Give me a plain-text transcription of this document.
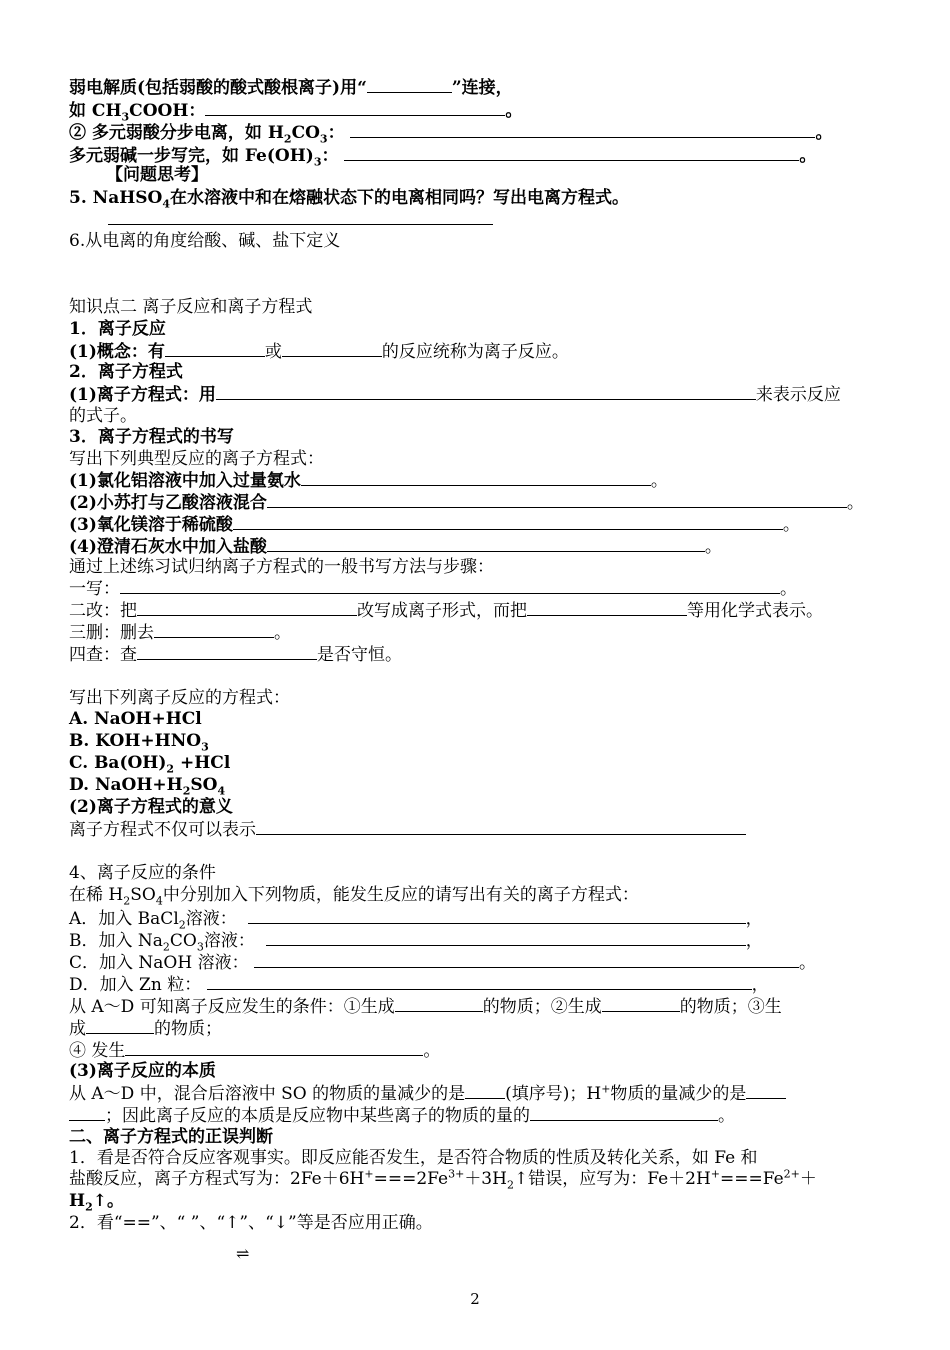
弱电解质(包括弱酸的酸式酸根离子)用“	”连接，
如 $CH_3COOH$：	。
② 多元弱酸分步电离，如 $H_2CO_3$：	。
多元弱碱一步写完，如 $Fe(OH)_3$：	。
【问题思考】
5. NaHSO$_4$在水溶液中和在熔融状态下的电离相同吗？写出电离方程式。
6.从电离的角度给酸、碱、盐下定义
知识点二 离子反应和离子方程式
1．离子反应
(1)概念：有	或	的反应统称为离子反应。
2．离子方程式
(1)离子方程式：用	来表示反应
的式子。
3．离子方程式的书写
写出下列典型反应的离子方程式：
(1)氯化铝溶液中加入过量氨水	。
(2)小苏打与乙酸溶液混合	。
(3)氧化镁溶于稀硫酸	。
(4)澄清石灰水中加入盐酸	。
通过上述练习试归纳离子方程式的一般书写方法与步骤：
一写：	。
二改：把	改写成离子形式，而把	等用化学式表示。
三删：删去	。
四查：查	是否守恒。
写出下列离子反应的方程式：
A. NaOH+HCl
B. $KOH+HNO_3$
C. $Ba(OH)_2 +HCl$
D. $NaOH+H_2SO_4$
(2)离子方程式的意义
离子方程式不仅可以表示
4、离子反应的条件
在稀 $H_2SO_4$中分别加入下列物质，能发生反应的请写出有关的离子方程式：
A．加入 BaCl$_2$溶液：	，
B．加入 $Na_2CO_3$溶液：	，
C．加入 NaOH 溶液：	。
D．加入 Zn 粒：	，
从 A～D 可知离子反应发生的条件：①生成	的物质；②生成	的物质；③生
成	的物质；
④ 发生	。
(3)离子反应的本质
从 A～D 中，混合后溶液中 SO 的物质的量减少的是 (填序号)；H+物质的量减少的是
；因此离子反应的本质是反应物中某些离子的物质的量的	。
二、离子方程式的正误判断
1．看是否符合反应客观事实。即反应能否发生，是否符合物质的性质及转化关系，如 Fe 和
盐酸反应，离子方程式写为：$2Fe+6H^+===2Fe^{3+}+3H_2↑$错误，应写为：$Fe+2H^+===Fe^{2+}+$
$H_2↑$。
2．看“==”、“ ”、“↑”、“↓”等是否应用正确。
⇌
2
